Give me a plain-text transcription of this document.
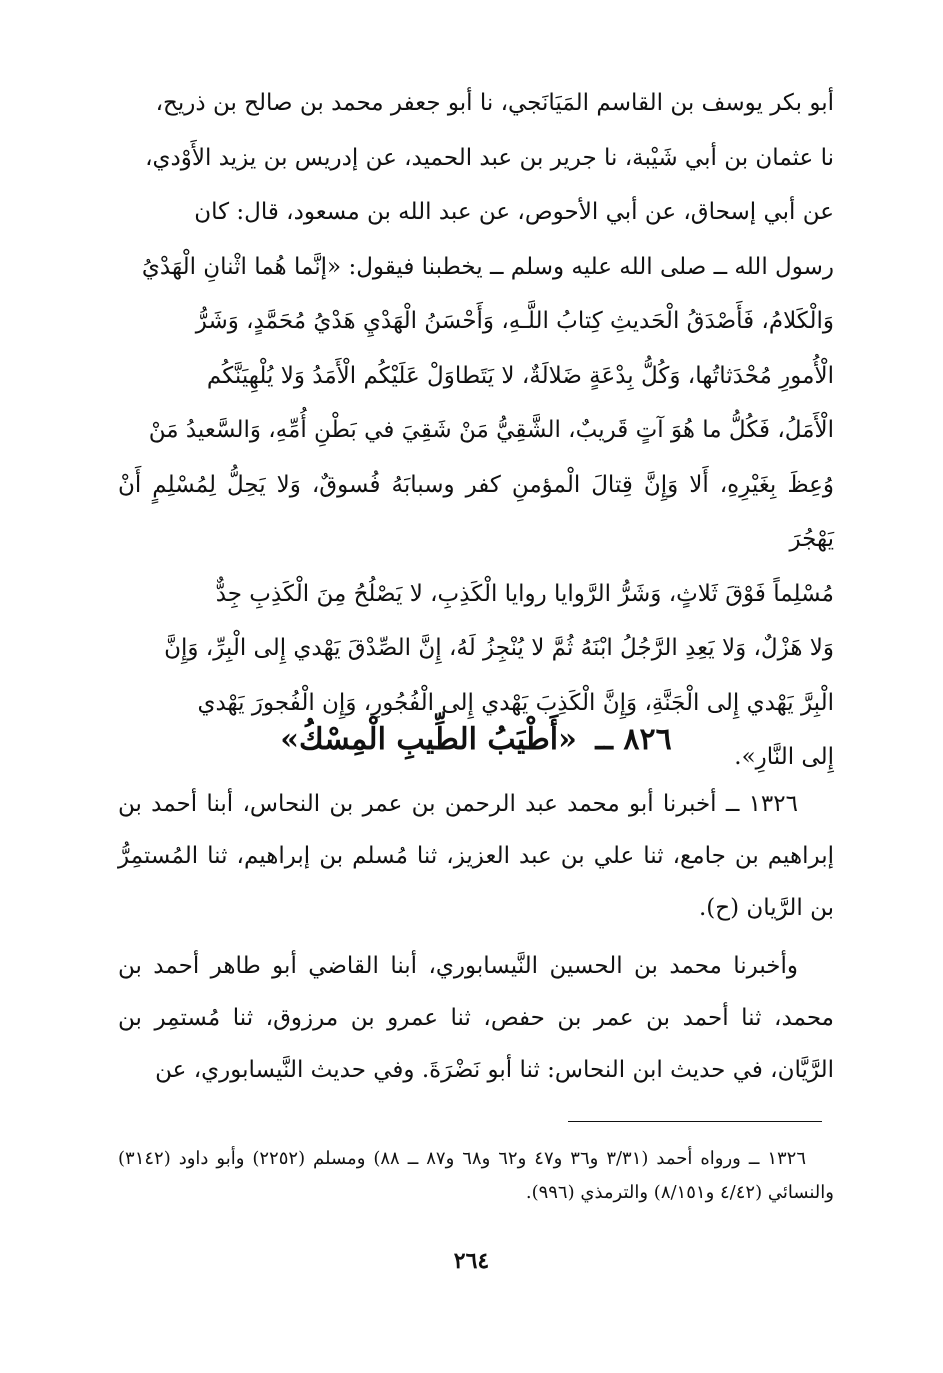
أبو بكر يوسف بن القاسم المَيَانَجي، نا أبو جعفر محمد بن صالح بن ذريح،
نا عثمان بن أبي شَيْبة، نا جرير بن عبد الحميد، عن إدريس بن يزيد الأَوْدي،
عن أبي إسحاق، عن أبي الأحوص، عن عبد الله بن مسعود، قال: كان
رسول الله ــ صلى الله عليه وسلم ــ يخطبنا فيقول: «إنَّما هُما اثْنانِ الْهَدْيُ
وَالْكَلامُ، فَأَصْدَقُ الْحَديثِ كِتابُ اللَّـهِ، وَأَحْسَنُ الْهَدْيِ هَدْيُ مُحَمَّدٍ، وَشَرُّ
الْأُمورِ مُحْدَثاتُها، وَكُلُّ بِدْعَةٍ ضَلالَةٌ، لا يَتَطاوَلْ عَلَيْكُم الْأَمَدُ وَلا يُلْهِيَنَّكُم
الْأَمَلُ، فَكُلُّ ما هُوَ آتٍ قَريبٌ، الشَّقِيُّ مَنْ شَقِيَ في بَطْنِ أُمِّهِ، وَالسَّعيدُ مَنْ
وُعِظَ بِغَيْرِهِ، أَلا وَإِنَّ قِتالَ الْمؤمنِ كفر وسبابَهُ فُسوقٌ، وَلا يَحِلُّ لِمُسْلِمٍ أَنْ يَهْجُرَ
مُسْلِماً فَوْقَ ثَلاثٍ، وَشَرُّ الرَّوايا روايا الْكَذِبِ، لا يَصْلُحُ مِنَ الْكَذِبِ جِدٌّ
وَلا هَزْلٌ، وَلا يَعِدِ الرَّجُلُ ابْنَهُ ثُمَّ لا يُنْجِزُ لَهُ، إِنَّ الصِّدْقَ يَهْدي إِلى الْبِرِّ، وَإِنَّ
الْبِرَّ يَهْدي إِلى الْجَنَّةِ، وَإِنَّ الْكَذِبَ يَهْدي إِلى الْفُجُورِ، وَإِن الْفُجورَ يَهْدي
إِلى النَّارِ».
٨٢٦ ــ «أَطْيَبُ الطِّيبِ الْمِسْكُ»
١٣٢٦ ــ أخبرنا أبو محمد عبد الرحمن بن عمر بن النحاس، أبنا أحمد بن إبراهيم بن جامع، ثنا علي بن عبد العزيز، ثنا مُسلم بن إبراهيم، ثنا المُستمِرُّ بن الرَّيان (ح).
وأخبرنا محمد بن الحسين النَّيسابوري، أبنا القاضي أبو طاهر أحمد بن محمد، ثنا أحمد بن عمر بن حفص، ثنا عمرو بن مرزوق، ثنا مُستمِر بن الرَّيَّان، في حديث ابن النحاس: ثنا أبو نَضْرَةَ. وفي حديث النَّيسابوري، عن
١٣٢٦ ــ ورواه أحمد (٣/٣١ و٣٦ و٤٧ و٦٢ و٦٨ و٨٧ ــ ٨٨) ومسلم (٢٢٥٢) وأبو داود (٣١٤٢) والنسائي (٤/٤٢ و٨/١٥١) والترمذي (٩٩٦).
٢٦٤
